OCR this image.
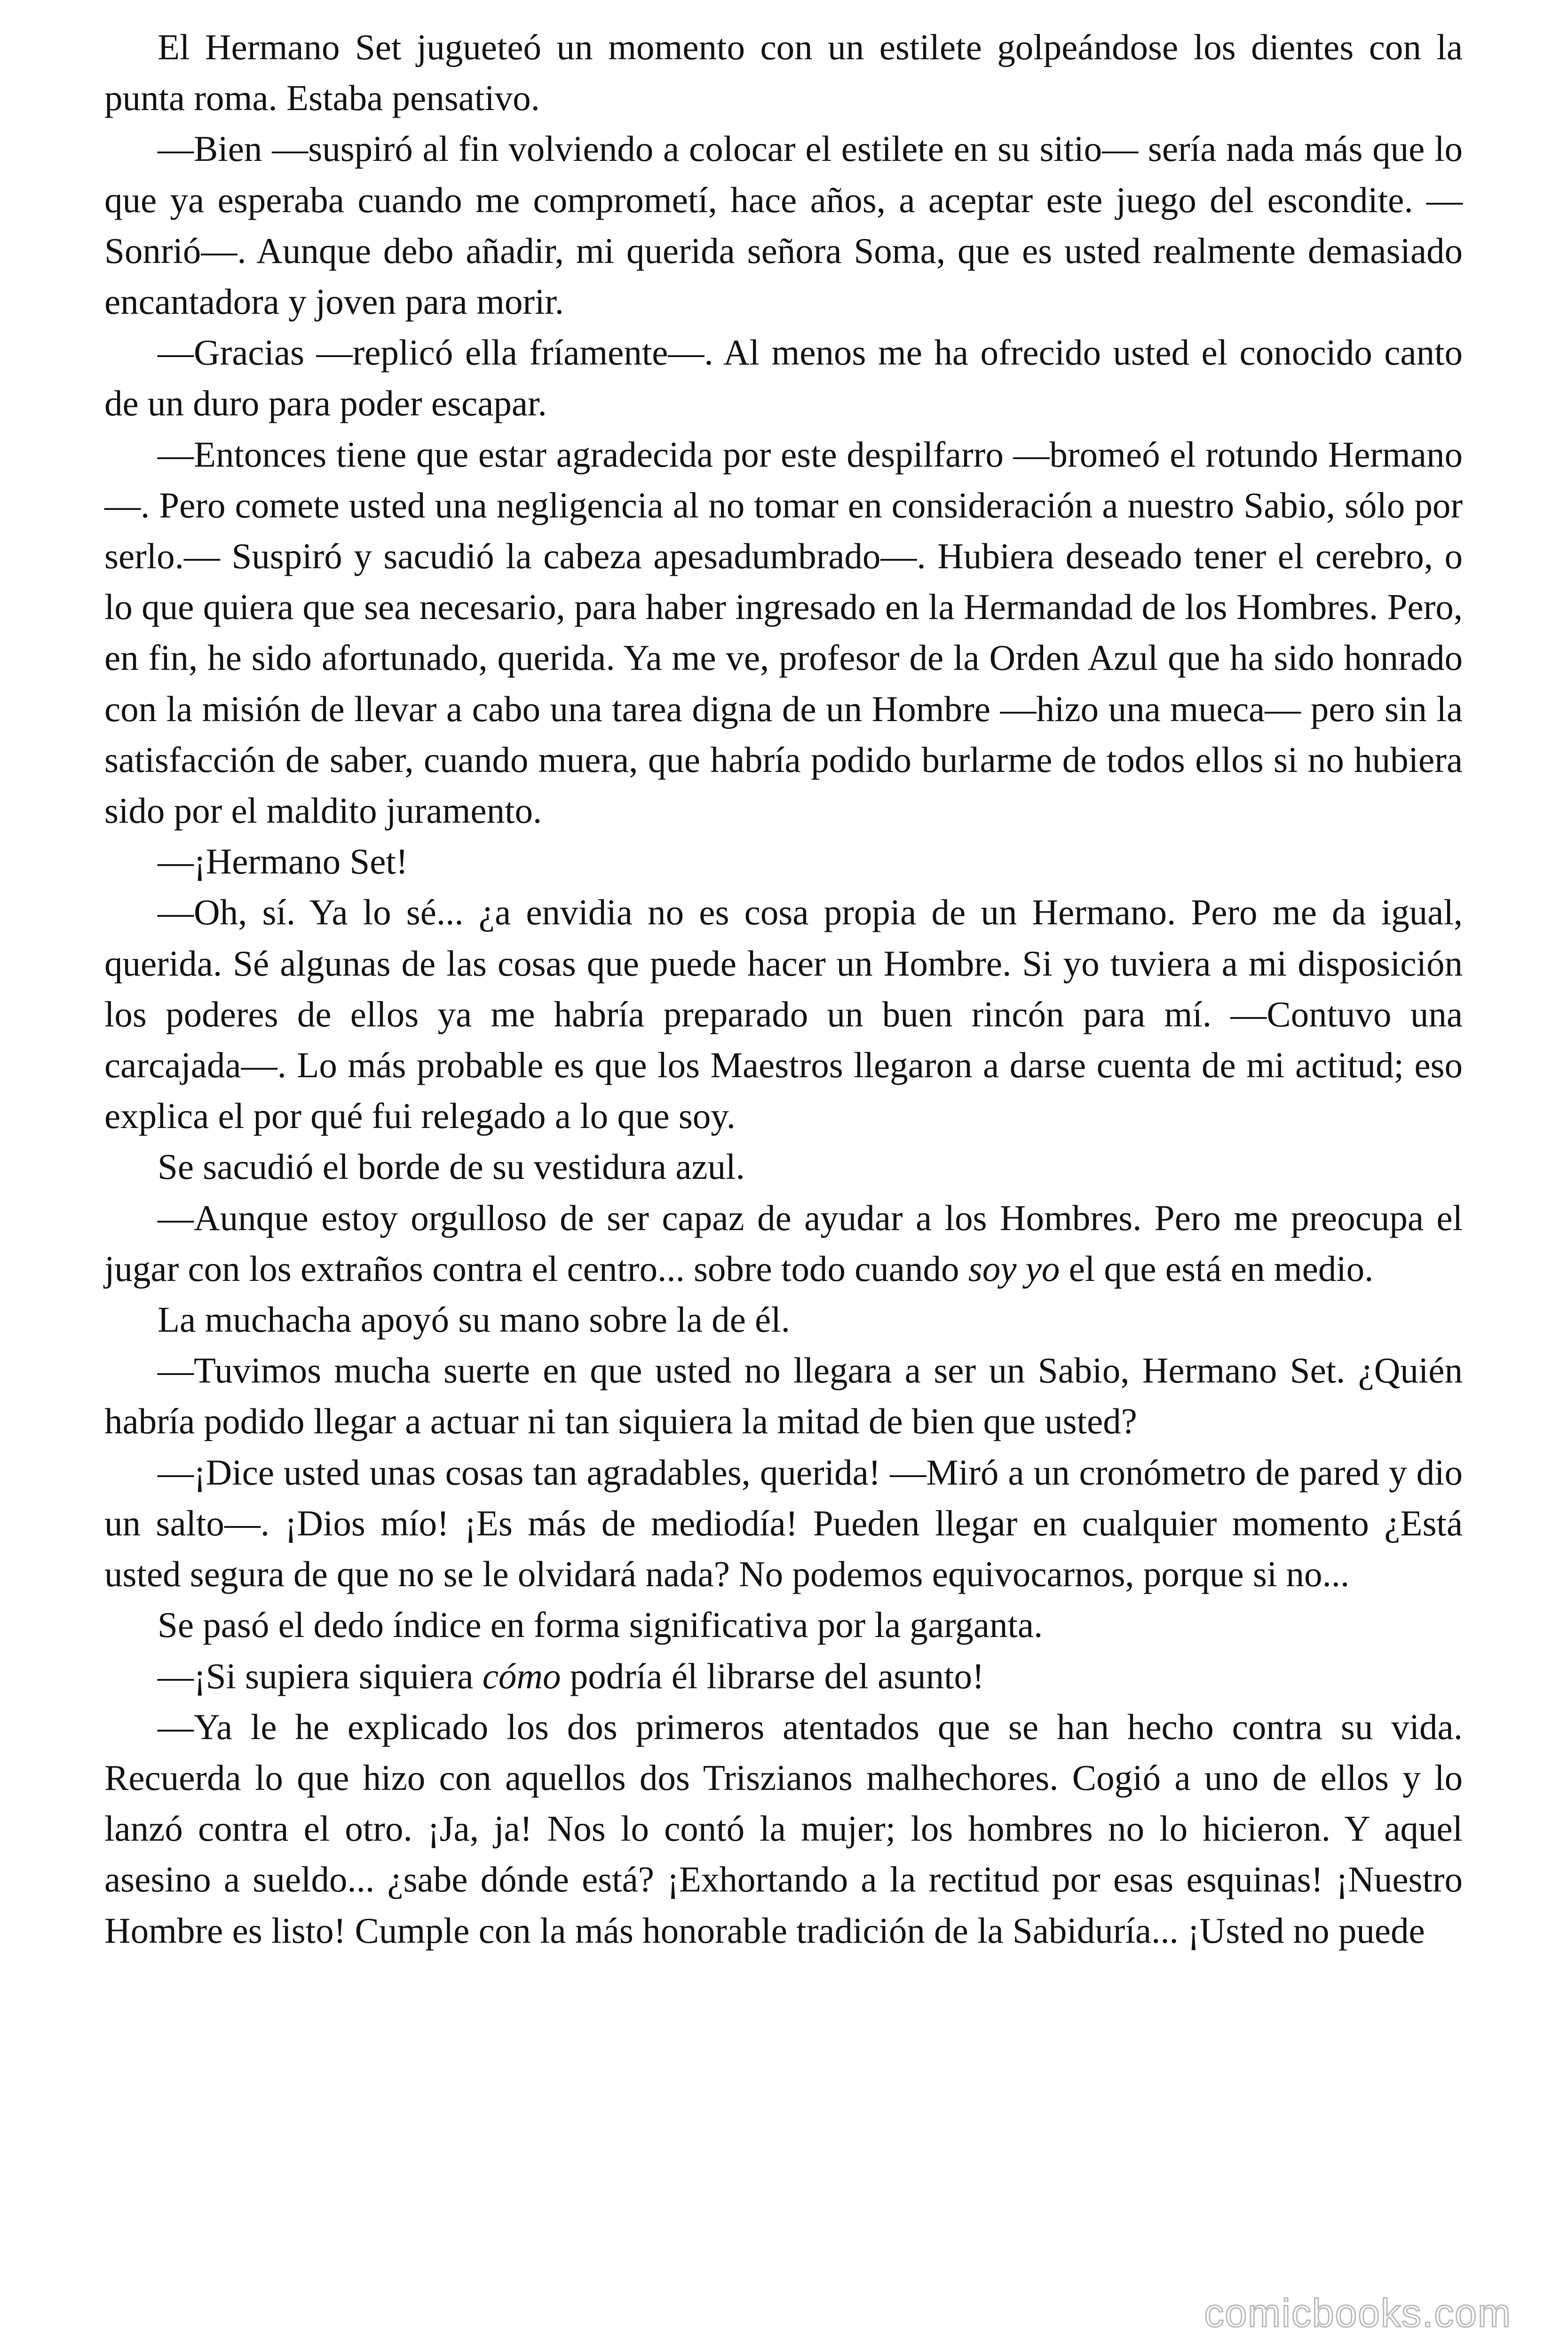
El Hermano Set jugueteó un momento con un estilete golpeándose los dientes con la punta roma. Estaba pensativo.

—Bien —suspiró al fin volviendo a colocar el estilete en su sitio— sería nada más que lo que ya esperaba cuando me comprometí, hace años, a aceptar este juego del escondite. —Sonrió—. Aunque debo añadir, mi querida señora Soma, que es usted realmente demasiado encantadora y joven para morir.

—Gracias —replicó ella fríamente—. Al menos me ha ofrecido usted el conocido canto de un duro para poder escapar.

—Entonces tiene que estar agradecida por este despilfarro —bromeó el rotundo Hermano—. Pero comete usted una negligencia al no tomar en consideración a nuestro Sabio, sólo por serlo.— Suspiró y sacudió la cabeza apesadumbrado—. Hubiera deseado tener el cerebro, o lo que quiera que sea necesario, para haber ingresado en la Hermandad de los Hombres. Pero, en fin, he sido afortunado, querida. Ya me ve, profesor de la Orden Azul que ha sido honrado con la misión de llevar a cabo una tarea digna de un Hombre —hizo una mueca— pero sin la satisfacción de saber, cuando muera, que habría podido burlarme de todos ellos si no hubiera sido por el maldito juramento.

—¡Hermano Set!

—Oh, sí. Ya lo sé... ¿a envidia no es cosa propia de un Hermano. Pero me da igual, querida. Sé algunas de las cosas que puede hacer un Hombre. Si yo tuviera a mi disposición los poderes de ellos ya me habría preparado un buen rincón para mí. —Contuvo una carcajada—. Lo más probable es que los Maestros llegaron a darse cuenta de mi actitud; eso explica el por qué fui relegado a lo que soy.

Se sacudió el borde de su vestidura azul.

—Aunque estoy orgulloso de ser capaz de ayudar a los Hombres. Pero me preocupa el jugar con los extraños contra el centro... sobre todo cuando soy yo el que está en medio.

La muchacha apoyó su mano sobre la de él.

—Tuvimos mucha suerte en que usted no llegara a ser un Sabio, Hermano Set. ¿Quién habría podido llegar a actuar ni tan siquiera la mitad de bien que usted?

—¡Dice usted unas cosas tan agradables, querida! —Miró a un cronómetro de pared y dio un salto—. ¡Dios mío! ¡Es más de mediodía! Pueden llegar en cualquier momento ¿Está usted segura de que no se le olvidará nada? No podemos equivocarnos, porque si no...

Se pasó el dedo índice en forma significativa por la garganta.

—¡Si supiera siquiera cómo podría él librarse del asunto!

—Ya le he explicado los dos primeros atentados que se han hecho contra su vida. Recuerda lo que hizo con aquellos dos Triszianos malhechores. Cogió a uno de ellos y lo lanzó contra el otro. ¡Ja, ja! Nos lo contó la mujer; los hombres no lo hicieron. Y aquel asesino a sueldo... ¿sabe dónde está? ¡Exhortando a la rectitud por esas esquinas! ¡Nuestro Hombre es listo! Cumple con la más honorable tradición de la Sabiduría... ¡Usted no puede

comicbooks.com
